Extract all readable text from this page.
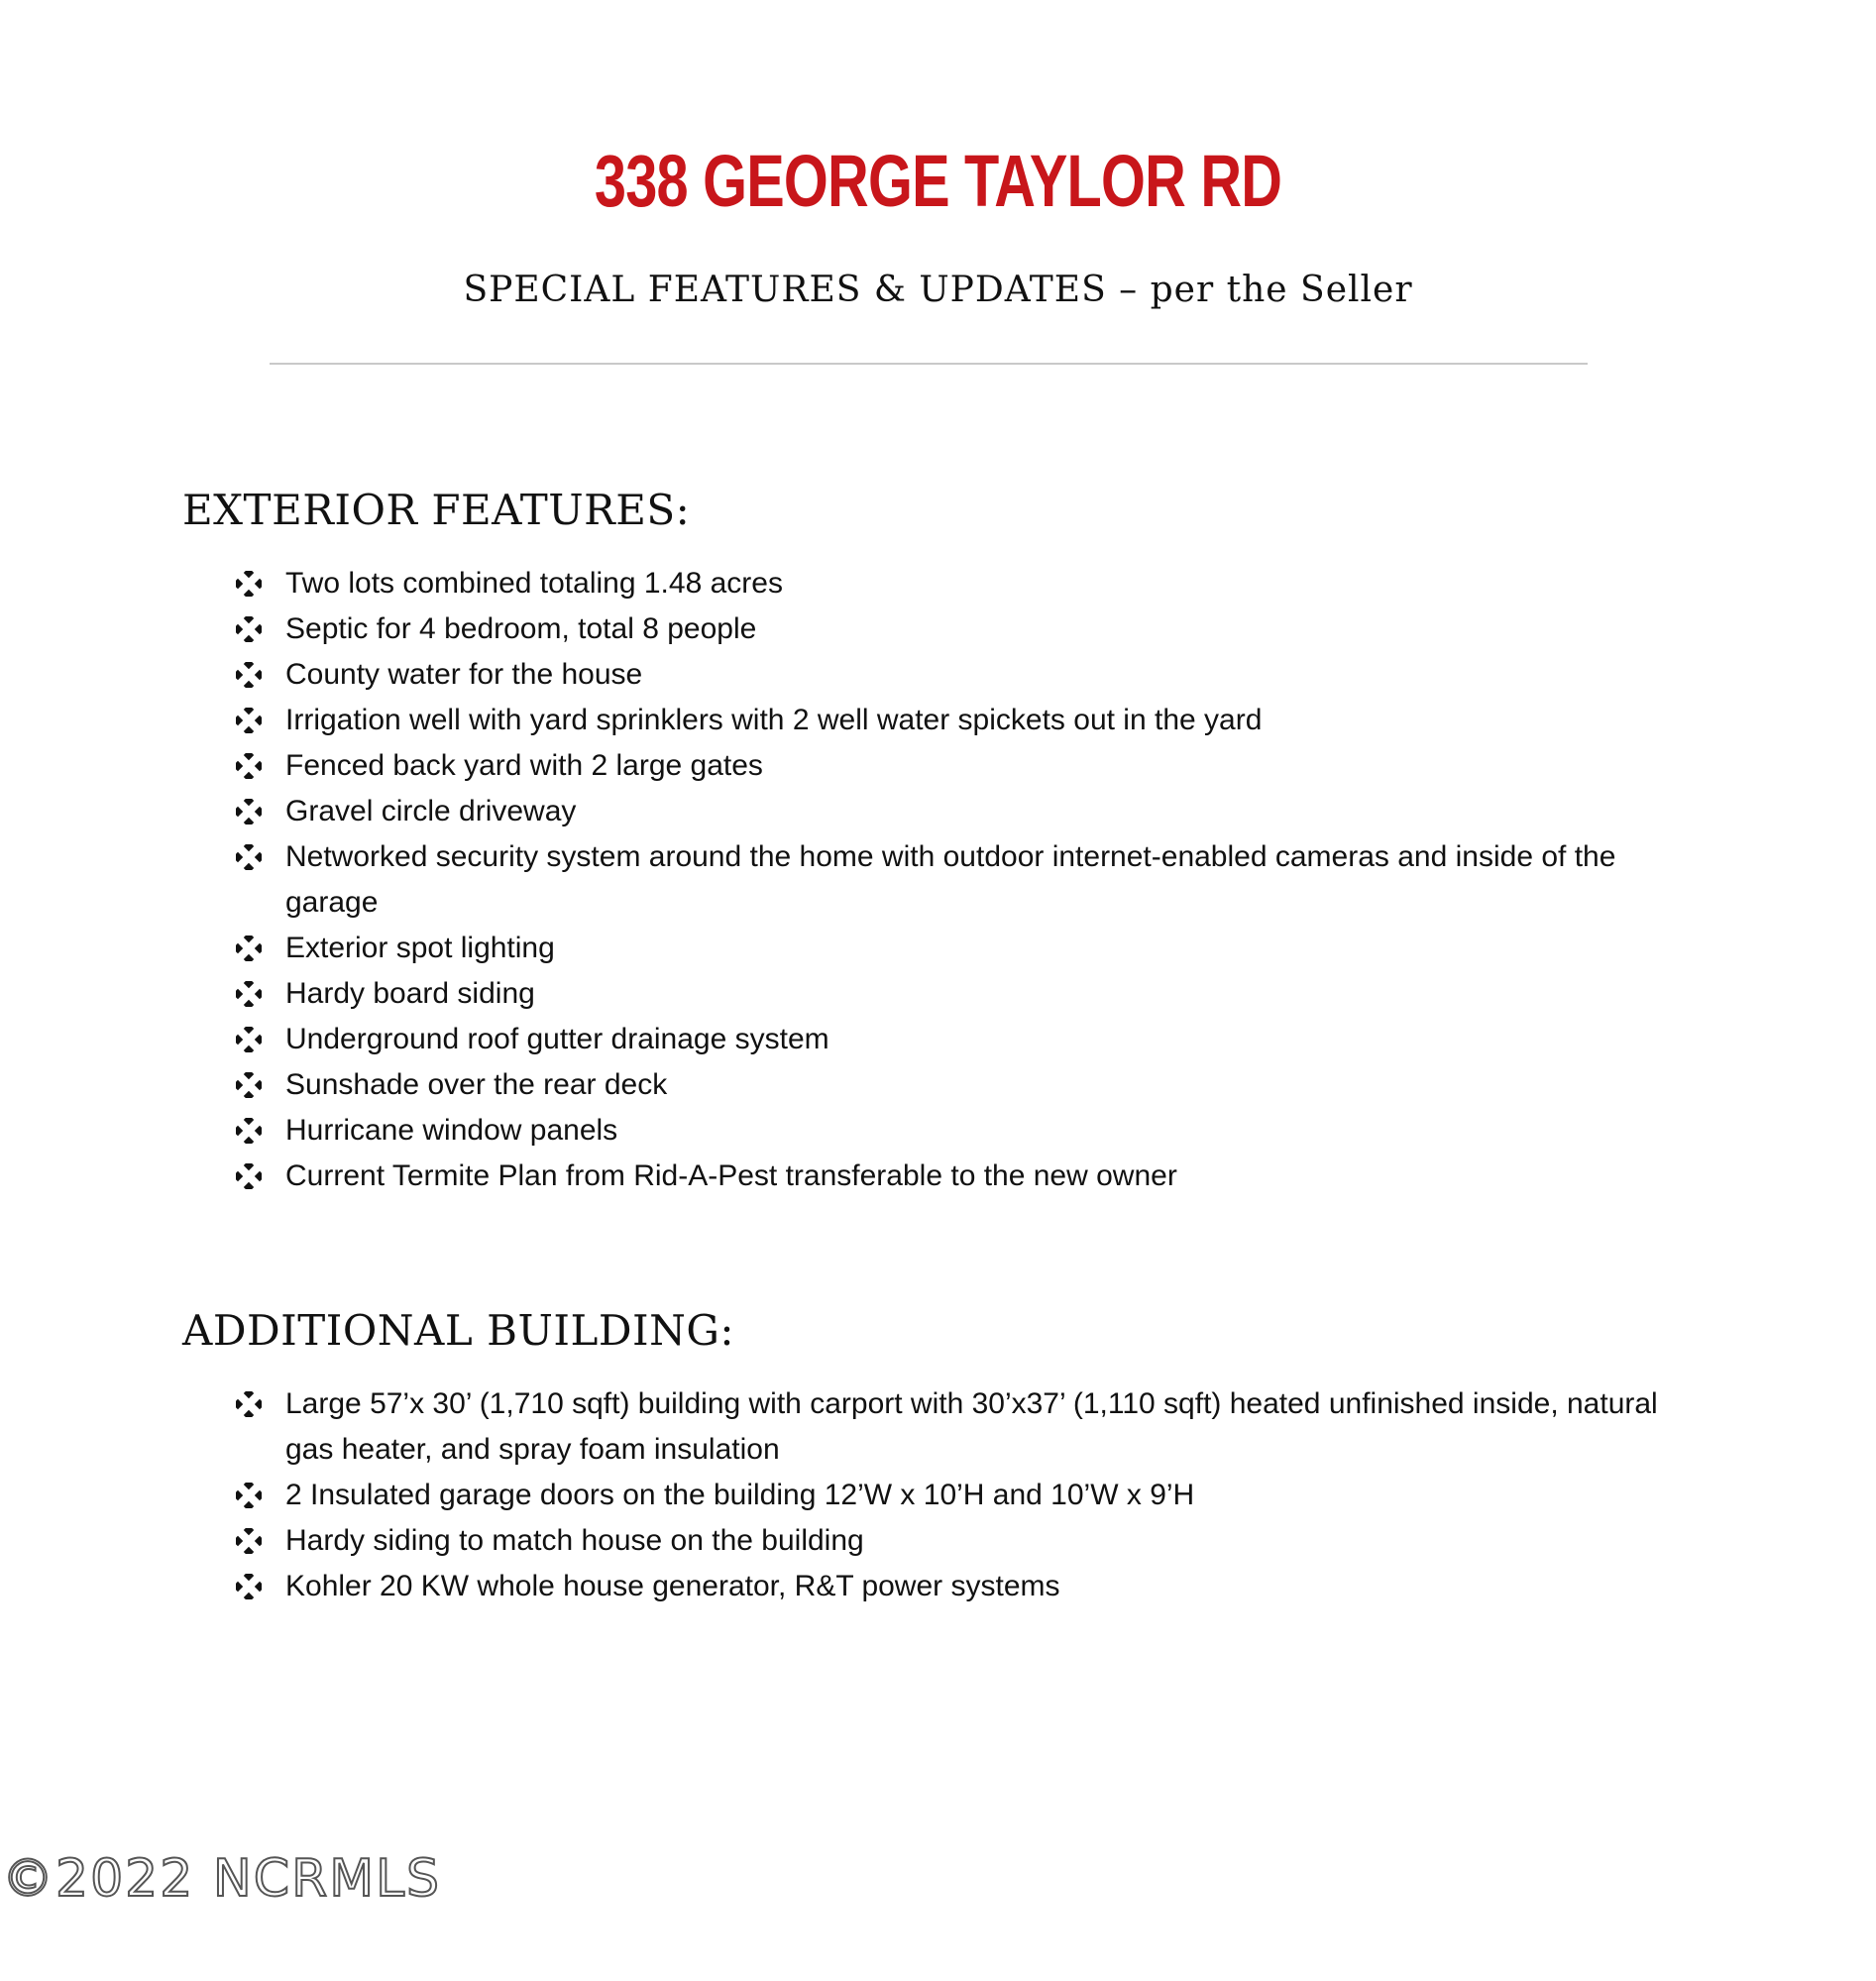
338 GEORGE TAYLOR RD
SPECIAL FEATURES & UPDATES – per the Seller
EXTERIOR FEATURES:
Two lots combined totaling 1.48 acres
Septic for 4 bedroom, total 8 people
County water for the house
Irrigation well with yard sprinklers with 2 well water spickets out in the yard
Fenced back yard with 2 large gates
Gravel circle driveway
Networked security system around the home with outdoor internet-enabled cameras and inside of the garage
Exterior spot lighting
Hardy board siding
Underground roof gutter drainage system
Sunshade over the rear deck
Hurricane window panels
Current Termite Plan from Rid-A-Pest transferable to the new owner
ADDITIONAL BUILDING:
Large 57’x 30’ (1,710 sqft) building with carport with 30’x37’ (1,110 sqft) heated unfinished inside, natural gas heater, and spray foam insulation
2 Insulated garage doors on the building 12’W x 10’H and 10’W x 9’H
Hardy siding to match house on the building
Kohler 20 KW whole house generator, R&T power systems
©2022 NCRMLS
